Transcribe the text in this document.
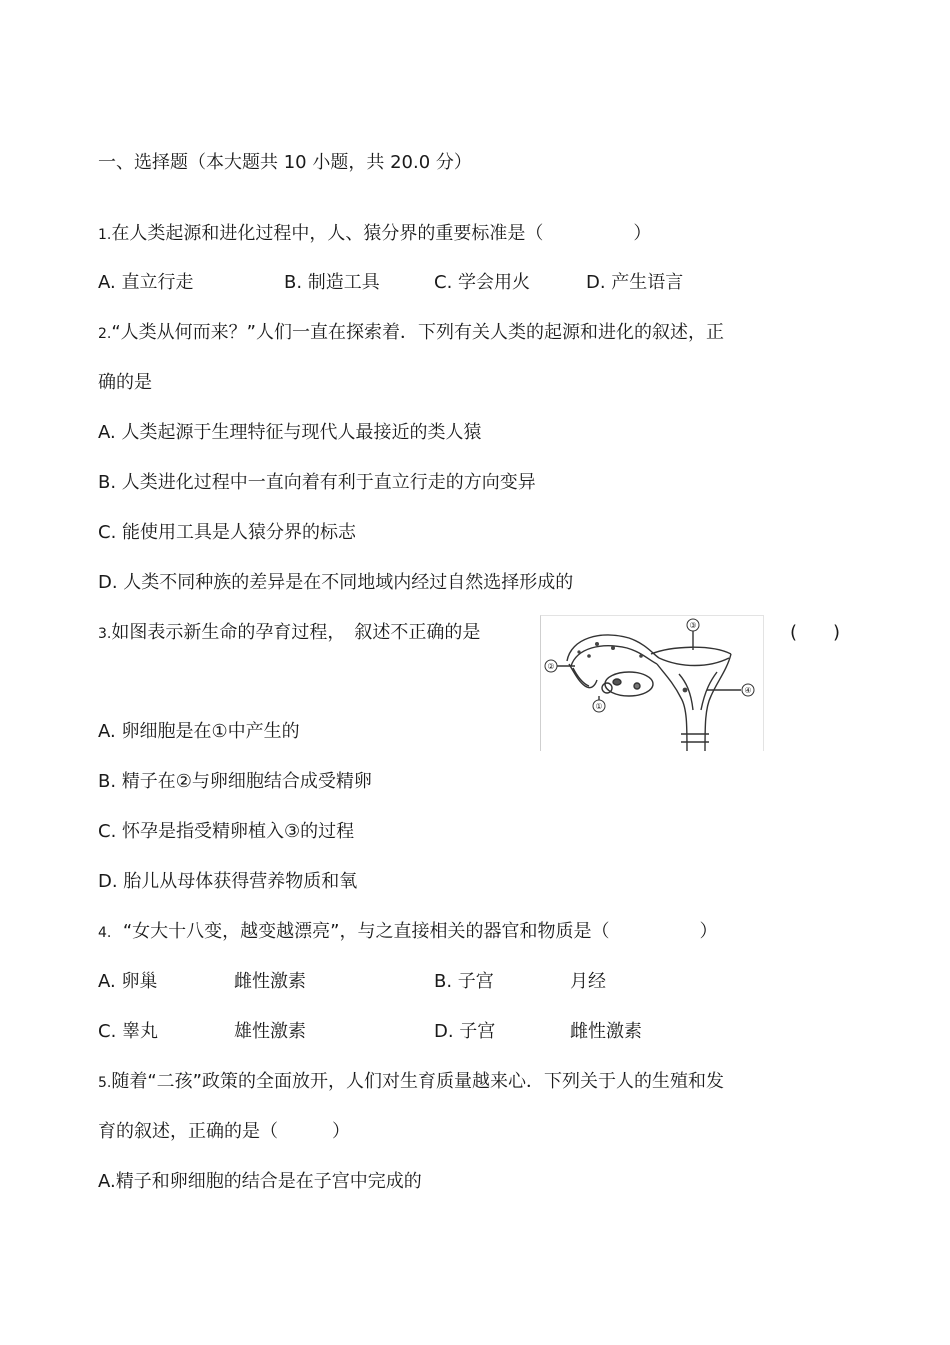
一、选择题（本大题共 10 小题，共 20.0 分）
1.在人类起源和进化过程中，人、猿分界的重要标准是（　　　　　）
A. 直立行走	B. 制造工具	C. 学会用火	D. 产生语言
2.“人类从何而来？”人们一直在探索着．下列有关人类的起源和进化的叙述，正
确的是
A. 人类起源于生理特征与现代人最接近的类人猿
B. 人类进化过程中一直向着有利于直立行走的方向变异
C. 能使用工具是人猿分界的标志
D. 人类不同种族的差异是在不同地域内经过自然选择形成的
3.如图表示新生命的孕育过程，　叙述不正确的是	(　　)
③
②
①
④
A. 卵细胞是在①中产生的
B. 精子在②与卵细胞结合成受精卵
C. 怀孕是指受精卵植入③的过程
D. 胎儿从母体获得营养物质和氧
4. “女大十八变，越变越漂亮”，与之直接相关的器官和物质是（　　　　　）
A. 卵巢	雌性激素	B. 子宫	月经
C. 睾丸	雄性激素	D. 子宫	雌性激素
5.随着“二孩”政策的全面放开，人们对生育质量越来心．下列关于人的生殖和发
育的叙述，正确的是（　　　）
A.精子和卵细胞的结合是在子宫中完成的
